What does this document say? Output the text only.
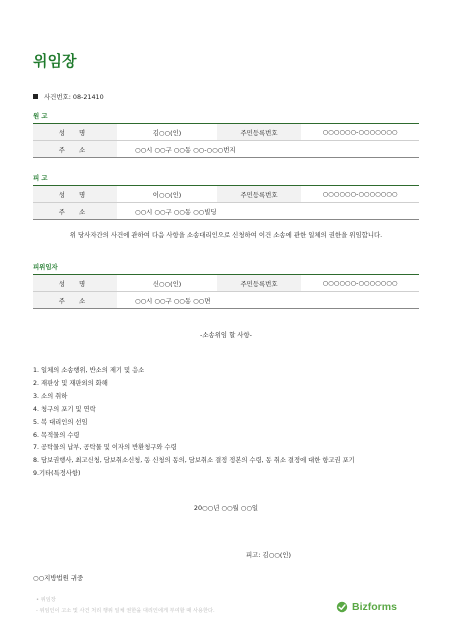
위임장
사건번호: 08-21410
원 고
성 명	김○○(인)	주민등록번호	○○○○○○-○○○○○○○
주 소	○○시 ○○구 ○○동 ○○-○○○번지		
피 고
성 명	이○○(인)	주민등록번호	○○○○○○-○○○○○○○
주 소	○○시 ○○구 ○○동 ○○빌딩		
위 당사자간의 사건에 관하여 다음 사항을 소송대리인으로 신청하여 이건 소송에 관한 일체의 권한을 위임합니다.
피위임자
성 명	신○○(인)	주민등록번호	○○○○○○-○○○○○○○
주 소	○○시 ○○구 ○○동 ○○면		
-소송위임 할 사항-
1. 일체의 소송행위, 반소의 제기 및 응소
2. 재판상 및 재판외의 화해
3. 소의 취하
4. 청구의 포기 및 연락
5. 복 대리인의 선임
6. 목적물의 수령
7. 공탁물의 납부, 공탁물 및 이자의 반환청구와 수령
8. 담보권행사, 최고신청, 담보취소신청, 동 신청의 동의, 담보취소 결정 정본의 수령, 동 취소 결정에 대한 항고권 포기
9.기타(특정사항)
20○○년 ○○월 ○○일
피고: 김○○(인)
○○지방법원 귀중
• 위임장
- 위임인이 고소 및 사건 처리 행위 일체 권한을 대리인에게 부여할 때 사용한다.	Bizforms
